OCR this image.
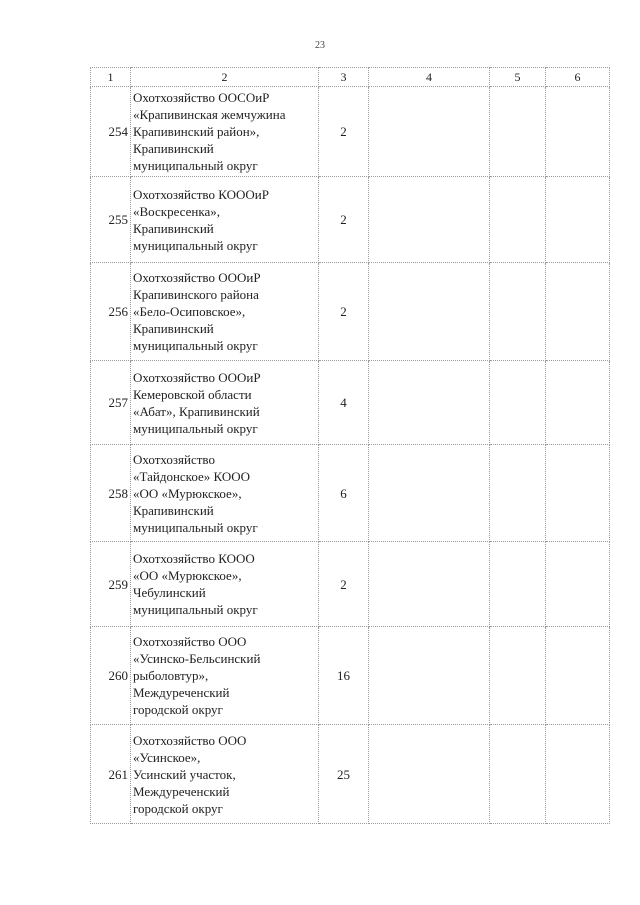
23
1	2	3	4	5	6
254	Охотхозяйство ООСОиР
«Крапивинская жемчужина
Крапивинский район»,
Крапивинский
муниципальный округ	2			
255	Охотхозяйство КОООиР
«Воскресенка»,
Крапивинский
муниципальный округ	2			
256	Охотхозяйство ОООиР
Крапивинского района
«Бело-Осиповское»,
Крапивинский
муниципальный округ	2			
257	Охотхозяйство ОООиР
Кемеровской области
«Абат», Крапивинский
муниципальный округ	4			
258	Охотхозяйство
«Тайдонское» КООО
«ОО «Мурюкское»,
Крапивинский
муниципальный округ	6			
259	Охотхозяйство КООО
«ОО «Мурюкское»,
Чебулинский
муниципальный округ	2			
260	Охотхозяйство ООО
«Усинско-Бельсинский
рыболовтур»,
Междуреченский
городской округ	16			
261	Охотхозяйство ООО
«Усинское»,
Усинский участок,
Междуреченский
городской округ	25			
